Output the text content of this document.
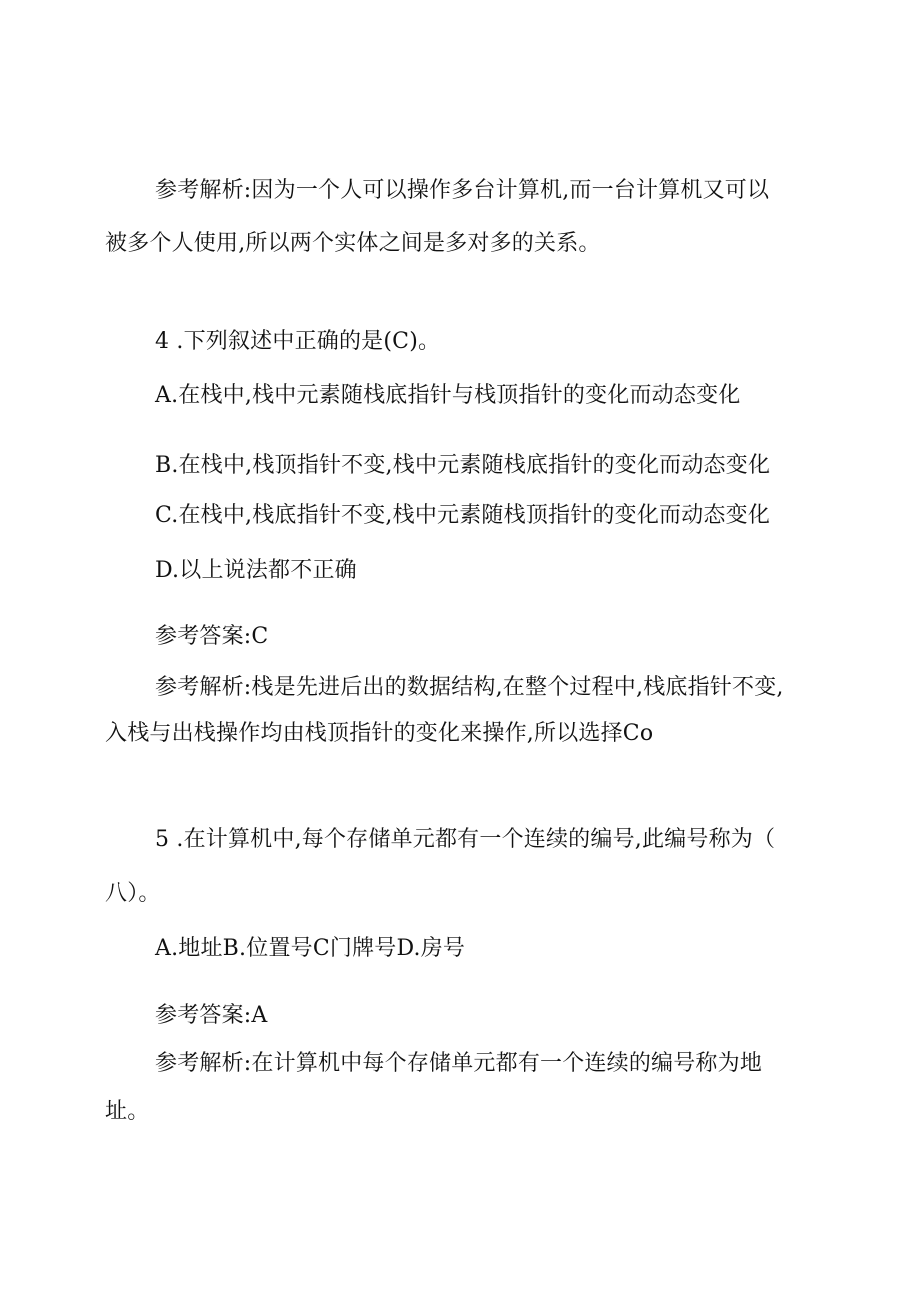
参考解析:因为一个人可以操作多台计算机,而一台计算机又可以
被多个人使用,所以两个实体之间是多对多的关系。
4 .下列叙述中正确的是(C)。
A.在栈中,栈中元素随栈底指针与栈顶指针的变化而动态变化
B.在栈中,栈顶指针不变,栈中元素随栈底指针的变化而动态变化
C.在栈中,栈底指针不变,栈中元素随栈顶指针的变化而动态变化
D.以上说法都不正确
参考答案:C
参考解析:栈是先进后出的数据结构,在整个过程中,栈底指针不变,
入栈与出栈操作均由栈顶指针的变化来操作,所以选择Co
5 .在计算机中,每个存储单元都有一个连续的编号,此编号称为（
八）。
A.地址B.位置号C门牌号D.房号
参考答案:A
参考解析:在计算机中每个存储单元都有一个连续的编号称为地
址。
